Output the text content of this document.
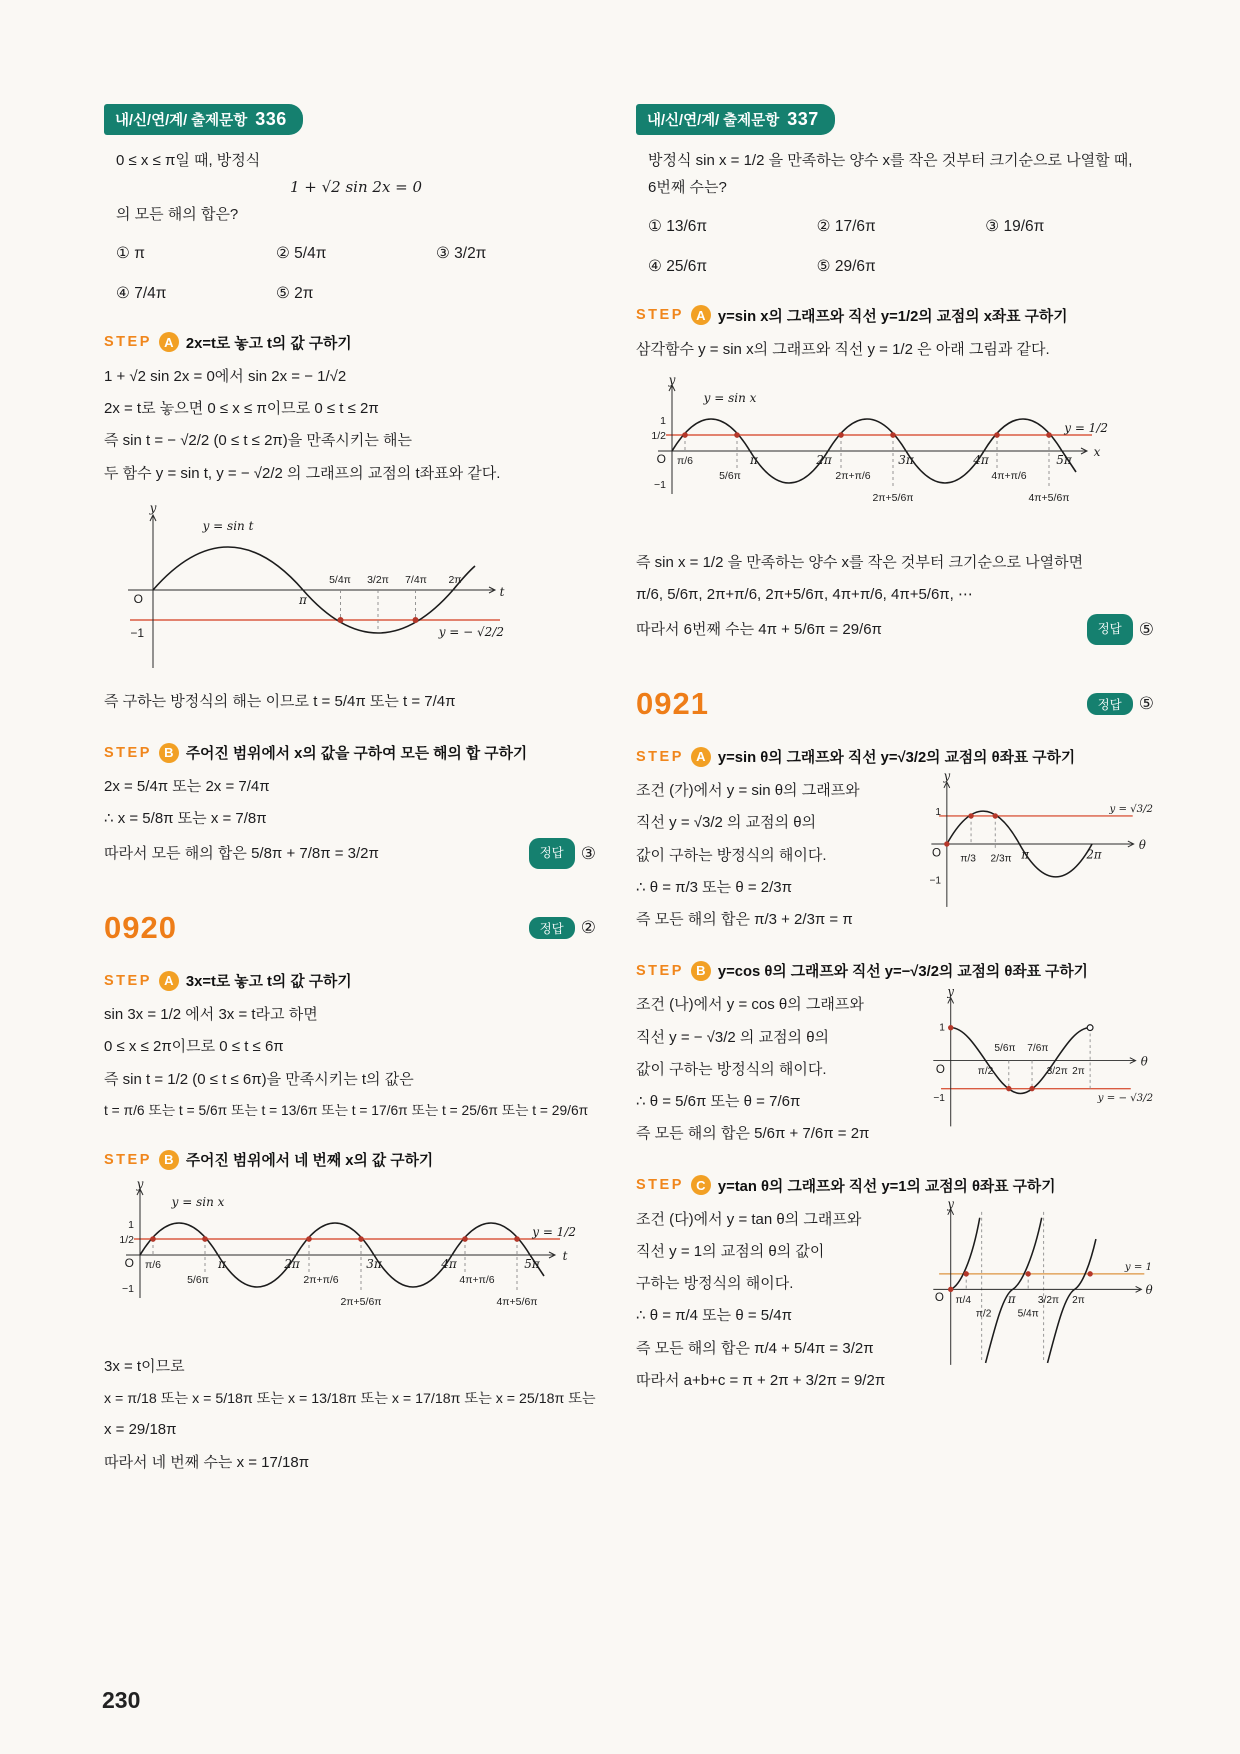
내/신/연/계/ 출제문항 336
0 ≤ x ≤ π일 때, 방정식
1 + √2 sin 2x = 0
의 모든 해의 합은?
① π	② 5/4π	③ 3/2π
④ 7/4π	⑤ 2π
STEP A 2x=t로 놓고 t의 값 구하기
1 + √2 sin 2x = 0에서 sin 2x = − 1/√2
2x = t로 놓으면 0 ≤ x ≤ π이므로 0 ≤ t ≤ 2π
즉 sin t = − √2/2 (0 ≤ t ≤ 2π)을 만족시키는 해는
두 함수 y = sin t, y = − √2/2 의 그래프의 교점의 t좌표와 같다.
y
y = sin t
O	π
5/4π 3/2π 7/4π 2π
t
−1	y = − √2/2
즉 구하는 방정식의 해는 이므로 t = 5/4π 또는 t = 7/4π
STEP B 주어진 범위에서 x의 값을 구하여 모든 해의 합 구하기
2x = 5/4π 또는 2x = 7/4π
∴ x = 5/8π 또는 x = 7/8π
따라서 모든 해의 합은 5/8π + 7/8π = 3/2π	정답	③
0920	정답	②
STEP A 3x=t로 놓고 t의 값 구하기
sin 3x = 1/2 에서 3x = t라고 하면
0 ≤ x ≤ 2π이므로 0 ≤ t ≤ 6π
즉 sin t = 1/2 (0 ≤ t ≤ 6π)을 만족시키는 t의 값은
t = π/6 또는 t = 5/6π 또는 t = 13/6π 또는 t = 17/6π 또는 t = 25/6π 또는 t = 29/6π
STEP B 주어진 범위에서 네 번째 x의 값 구하기
y
y = sin x
1
1/2
O π/6
5/6π
π	2π
2π+π/6
3π
2π+5/6π
4π
4π+π/6
5π
4π+5/6π
t
−1
y = 1/2
3x = t이므로
x = π/18 또는 x = 5/18π 또는 x = 13/18π 또는 x = 17/18π 또는 x = 25/18π 또는
x = 29/18π
따라서 네 번째 수는 x = 17/18π
내/신/연/계/ 출제문항 337
방정식 sin x = 1/2 을 만족하는 양수 x를 작은 것부터 크기순으로 나열할 때,
6번째 수는?
① 13/6π	② 17/6π	③ 19/6π
④ 25/6π	⑤ 29/6π
STEP A y=sin x의 그래프와 직선 y=1/2의 교점의 x좌표 구하기
삼각함수 y = sin x의 그래프와 직선 y = 1/2 은 아래 그림과 같다.
y
y = sin x
1
1/2
O π/6
5/6π
π	2π
2π+π/6
3π
2π+5/6π
4π
4π+π/6
5π
4π+5/6π
x
−1
y = 1/2
즉 sin x = 1/2 을 만족하는 양수 x를 작은 것부터 크기순으로 나열하면
π/6, 5/6π, 2π+π/6, 2π+5/6π, 4π+π/6, 4π+5/6π, ⋯
따라서 6번째 수는 4π + 5/6π = 29/6π	정답	⑤
0921	정답	⑤
STEP A y=sin θ의 그래프와 직선 y=√3/2의 교점의 θ좌표 구하기
조건 (가)에서 y = sin θ의 그래프와
직선 y = √3/2 의 교점의 θ의
값이 구하는 방정식의 해이다.
∴ θ = π/3 또는 θ = 2/3π
즉 모든 해의 합은 π/3 + 2/3π = π
y
1
O π/3 2/3π π	2π
θ
−1
y = √3/2
STEP B y=cos θ의 그래프와 직선 y=−√3/2의 교점의 θ좌표 구하기
조건 (나)에서 y = cos θ의 그래프와
직선 y = − √3/2 의 교점의 θ의
값이 구하는 방정식의 해이다.
∴ θ = 5/6π 또는 θ = 7/6π
즉 모든 해의 합은 5/6π + 7/6π = 2π
y
1
O	π/2
5/6π 7/6π
3/2π 2π
θ
−1	y = − √3/2
STEP C y=tan θ의 그래프와 직선 y=1의 교점의 θ좌표 구하기
조건 (다)에서 y = tan θ의 그래프와
직선 y = 1의 교점의 θ의 값이
구하는 방정식의 해이다.
∴ θ = π/4 또는 θ = 5/4π
즉 모든 해의 합은 π/4 + 5/4π = 3/2π
따라서 a+b+c = π + 2π + 3/2π = 9/2π
y
O π/4
π/2
π
5/4π
3/2π 2π
θ
y = 1
230
